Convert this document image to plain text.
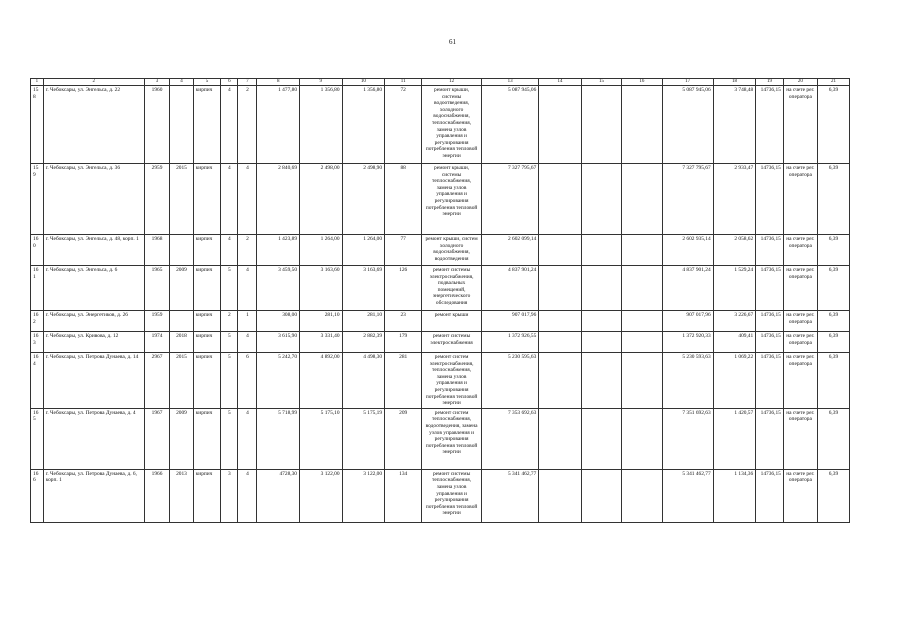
61
1	2	3	4	5	6	7	8	9	10	11	12	13	14	15	16	17	18	19	20	21
158	г. Чебоксары, ул. Энгельса, д. 22	1960		кирпич	4	2	1 477,80	1 356,80	1 356,80	72	ремонт крыши, системы водоотведения, холодного водоснабжения, теплоснабжения, замена узлов управления и регулирования потребления тепловой энергии	5 087 945,06				5 087 945,06	3 748,48	14736,15	на счете рег. оператора	6,39
159	г. Чебоксары, ул. Энгельса, д. 36	2959	2015	кирпич	4	4	2 840,69	2 498,00	2 498,90	88	ремонт крыши, системы теплоснабжения, замена узлов управления и регулирования потребления тепловой энергии	7 327 795,67				7 327 795,67	2 933,47	14736,15	на счете рег. оператора	6,39
160	г. Чебоксары, ул. Энгельса, д. 48, корп. 1	1968		кирпич	4	2	1 423,89	1 264,00	1 264,00	77	ремонт крыши, систем холодного водоснабжения, водоотведения	2 602 099,14				2 602 935,14	2 058,62	14736,15	на счете рег. оператора	6,39
161	г. Чебоксары, ул. Энгельса, д. 6	1965	2009	кирпич	5	4	3 459,50	3 163,60	3 163,69	126	ремонт системы электроснабжения, подвальных помещений, энергетического обследования	4 837 901,24				4 837 901,24	1 529,24	14736,15	на счете рег. оператора	6,39
162	г. Чебоксары, ул. Энергетиков, д. 26	1959		кирпич	2	1	308,00	281,10	281,10	23	ремонт крыши	907 017,96				907 017,96	3 226,67	14736,15	на счете рег. оператора	6,39
163	г. Чебоксары, ул. Кривова, д. 12	1974	2018	кирпич	5	4	3 615,90	3 331,40	2 882,39	179	ремонт системы электроснабжения	1 372 926,55				1 372 920,33	409,41	14736,15	на счете рег. оператора	6,39
164	г. Чебоксары, ул. Петрова Дунаева, д. 14	2967	2015	кирпич	5	6	5 242,70	4 892,00	4 498,30	281	ремонт систем электроснабжения, теплоснабжения, замена узлов управления и регулирования потребления тепловой энергии	5 230 595,63				5 230 593,63	1 069,22	14736,15	на счете рег. оператора	6,39
165	г. Чебоксары, ул. Петрова Дунаева, д. 4	1967	2009	кирпич	5	4	5 718,99	5 175,10	5 175,19	209	ремонт систем теплоснабжения, водоотведения, замена узлов управления и регулирования потребления тепловой энергии	7 353 692,63				7 351 692,63	1 420,57	14736,15	на счете рег. оператора	6,39
166	г. Чебоксары, ул. Петрова Дунаева, д. 6, корп. 1	1966	2013	кирпич	3	4	4728,30	3 122,00	3 122,00	134	ремонт системы теплоснабжения, замена узлов управления и регулирования потребления тепловой энергии	5 341 462,77				5 341 462,77	1 134,36	14736,15	на счете рег. оператора	6,39
